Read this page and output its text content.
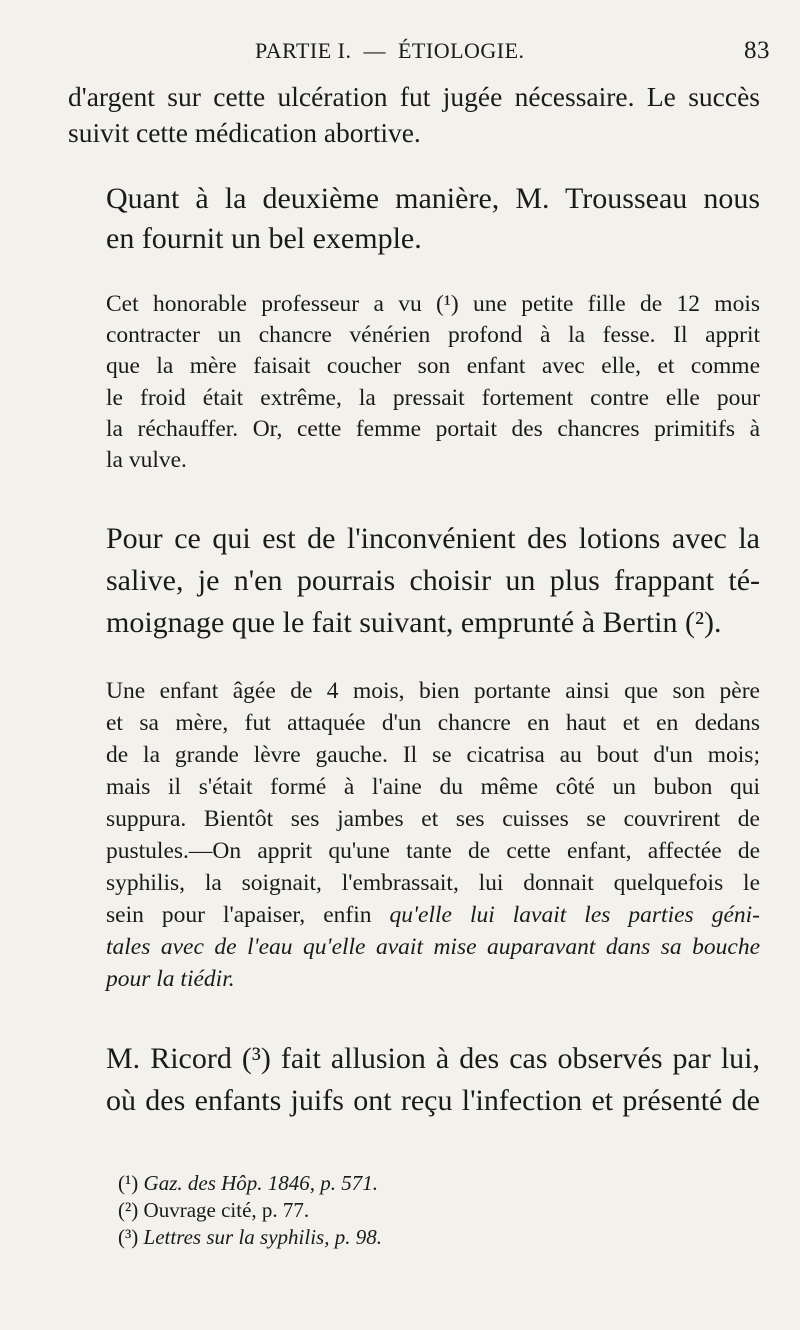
PARTIE I.  —  ÉTIOLOGIE.	83

d'argent sur cette ulcération fut jugée nécessaire. Le succès
suivit cette médication abortive.

Quant à la deuxième manière, M. Trousseau nous
en fournit un bel exemple.

Cet honorable professeur a vu (¹) une petite fille de 12 mois
contracter un chancre vénérien profond à la fesse. Il apprit
que la mère faisait coucher son enfant avec elle, et comme
le froid était extrême, la pressait fortement contre elle pour
la réchauffer. Or, cette femme portait des chancres primitifs à
la vulve.

Pour ce qui est de l'inconvénient des lotions avec la
salive, je n'en pourrais choisir un plus frappant té-
moignage que le fait suivant, emprunté à Bertin (²).

Une enfant âgée de 4 mois, bien portante ainsi que son père
et sa mère, fut attaquée d'un chancre en haut et en dedans
de la grande lèvre gauche. Il se cicatrisa au bout d'un mois;
mais il s'était formé à l'aine du même côté un bubon qui
suppura. Bientôt ses jambes et ses cuisses se couvrirent de
pustules.—On apprit qu'une tante de cette enfant, affectée de
syphilis, la soignait, l'embrassait, lui donnait quelquefois le
sein pour l'apaiser, enfin qu'elle lui lavait les parties géni-
tales avec de l'eau qu'elle avait mise auparavant dans sa bouche
pour la tiédir.

M. Ricord (³) fait allusion à des cas observés par lui,
où des enfants juifs ont reçu l'infection et présenté de

(¹) Gaz. des Hôp. 1846, p. 571.
(²) Ouvrage cité, p. 77.
(³) Lettres sur la syphilis, p. 98.
